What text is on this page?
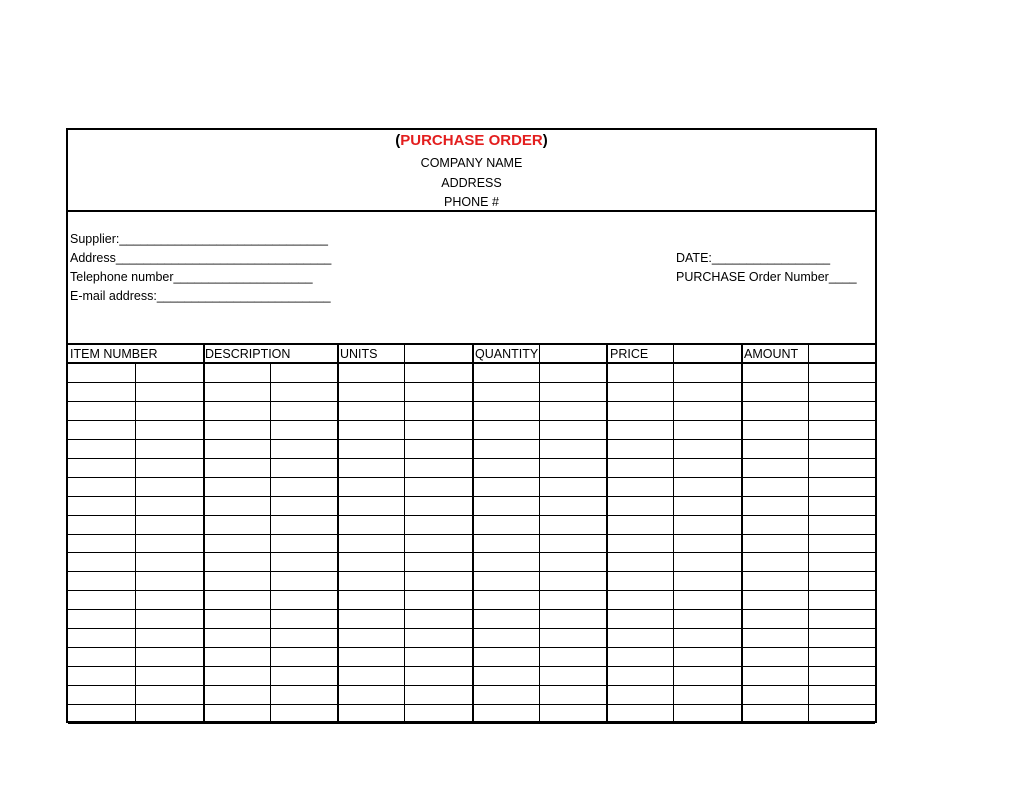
(PURCHASE ORDER)
COMPANY NAME
ADDRESS
PHONE #
Supplier:______________________________
Address_______________________________
Telephone number____________________
E-mail address:_________________________
DATE:_________________
PURCHASE Order Number____
ITEM NUMBER	DESCRIPTION	UNITS	QUANTITY	PRICE	AMOUNT
